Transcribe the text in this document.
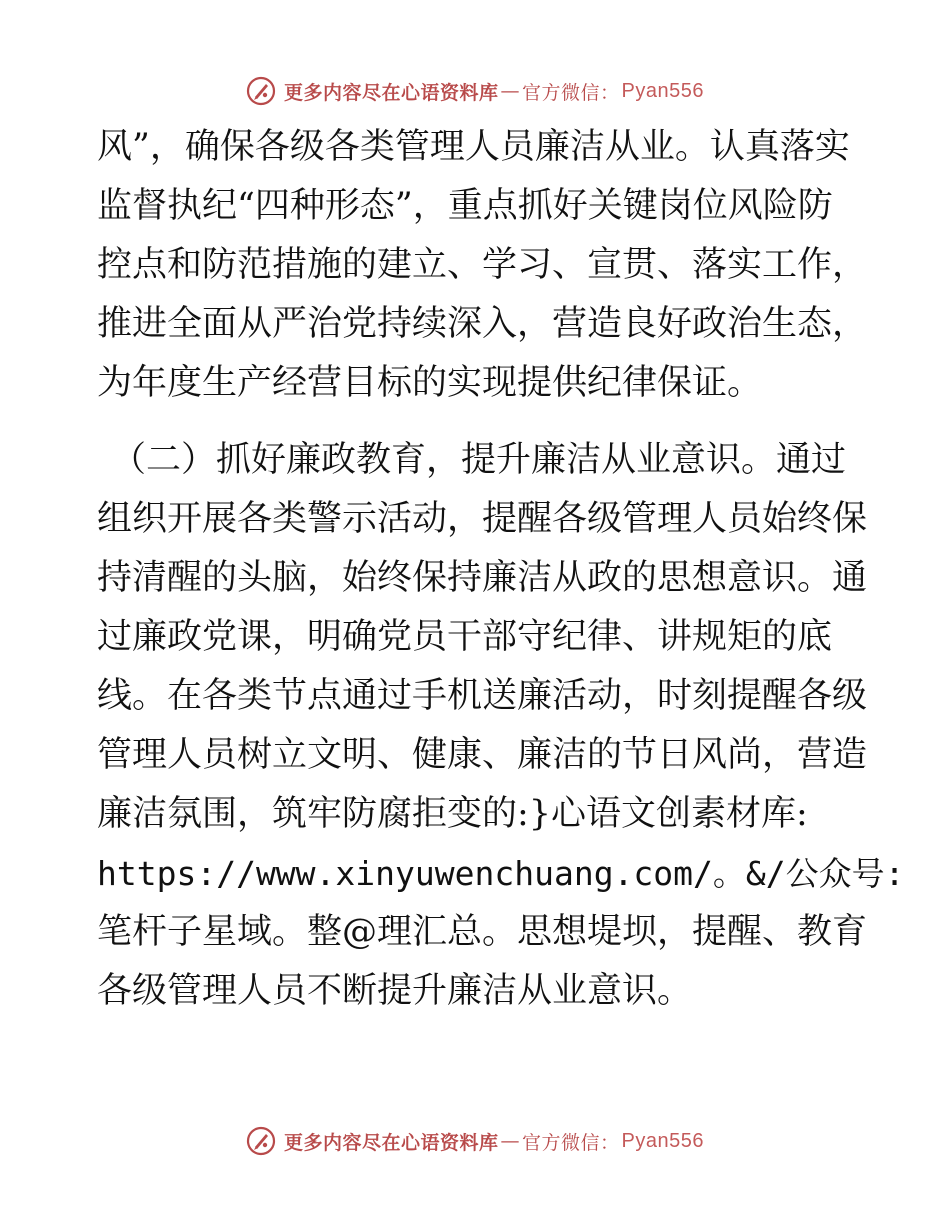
更多内容尽在心语资料库 — 官方微信： Pyan556
风”，确保各级各类管理人员廉洁从业。认真落实
监督执纪“四种形态”，重点抓好关键岗位风险防
控点和防范措施的建立、学习、宣贯、落实工作，
推进全面从严治党持续深入，营造良好政治生态，
为年度生产经营目标的实现提供纪律保证。
（二）抓好廉政教育，提升廉洁从业意识。通过
组织开展各类警示活动，提醒各级管理人员始终保
持清醒的头脑，始终保持廉洁从政的思想意识。通
过廉政党课，明确党员干部守纪律、讲规矩的底
线。在各类节点通过手机送廉活动，时刻提醒各级
管理人员树立文明、健康、廉洁的节日风尚，营造
廉洁氛围，筑牢防腐拒变的:}心语文创素材库:
https://www.xinyuwenchuang.com/。&/公众号:
笔杆子星域。整@理汇总。思想堤坝，提醒、教育
各级管理人员不断提升廉洁从业意识。
更多内容尽在心语资料库 — 官方微信： Pyan556
